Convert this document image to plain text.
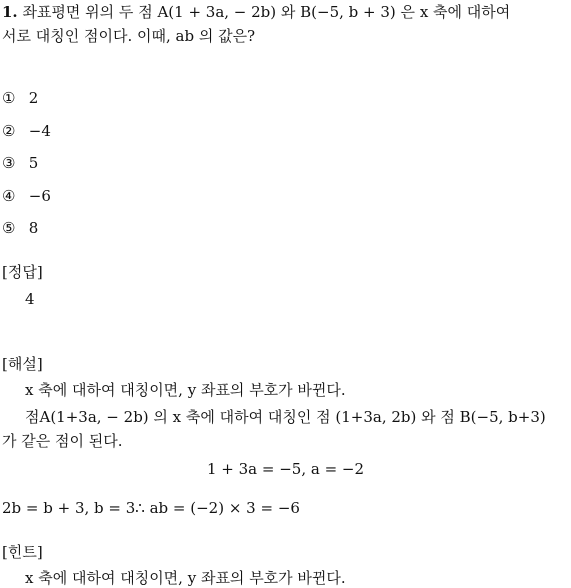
1. 좌표평면 위의 두 점 A(1 + 3a, − 2b) 와 B(−5, b + 3) 은 x 축에 대하여
서로 대칭인 점이다. 이때, ab 의 값은?
① 2
② −4
③ 5
④ −6
⑤ 8
[정답]
4
[해설]
x 축에 대하여 대칭이면, y 좌표의 부호가 바뀐다.
점A(1+3a, − 2b) 의 x 축에 대하여 대칭인 점 (1+3a, 2b) 와 점 B(−5, b+3)
가 같은 점이 된다.
1 + 3a = −5, a = −2
2b = b + 3, b = 3∴ ab = (−2) × 3 = −6
[힌트]
x 축에 대하여 대칭이면, y 좌표의 부호가 바뀐다.
